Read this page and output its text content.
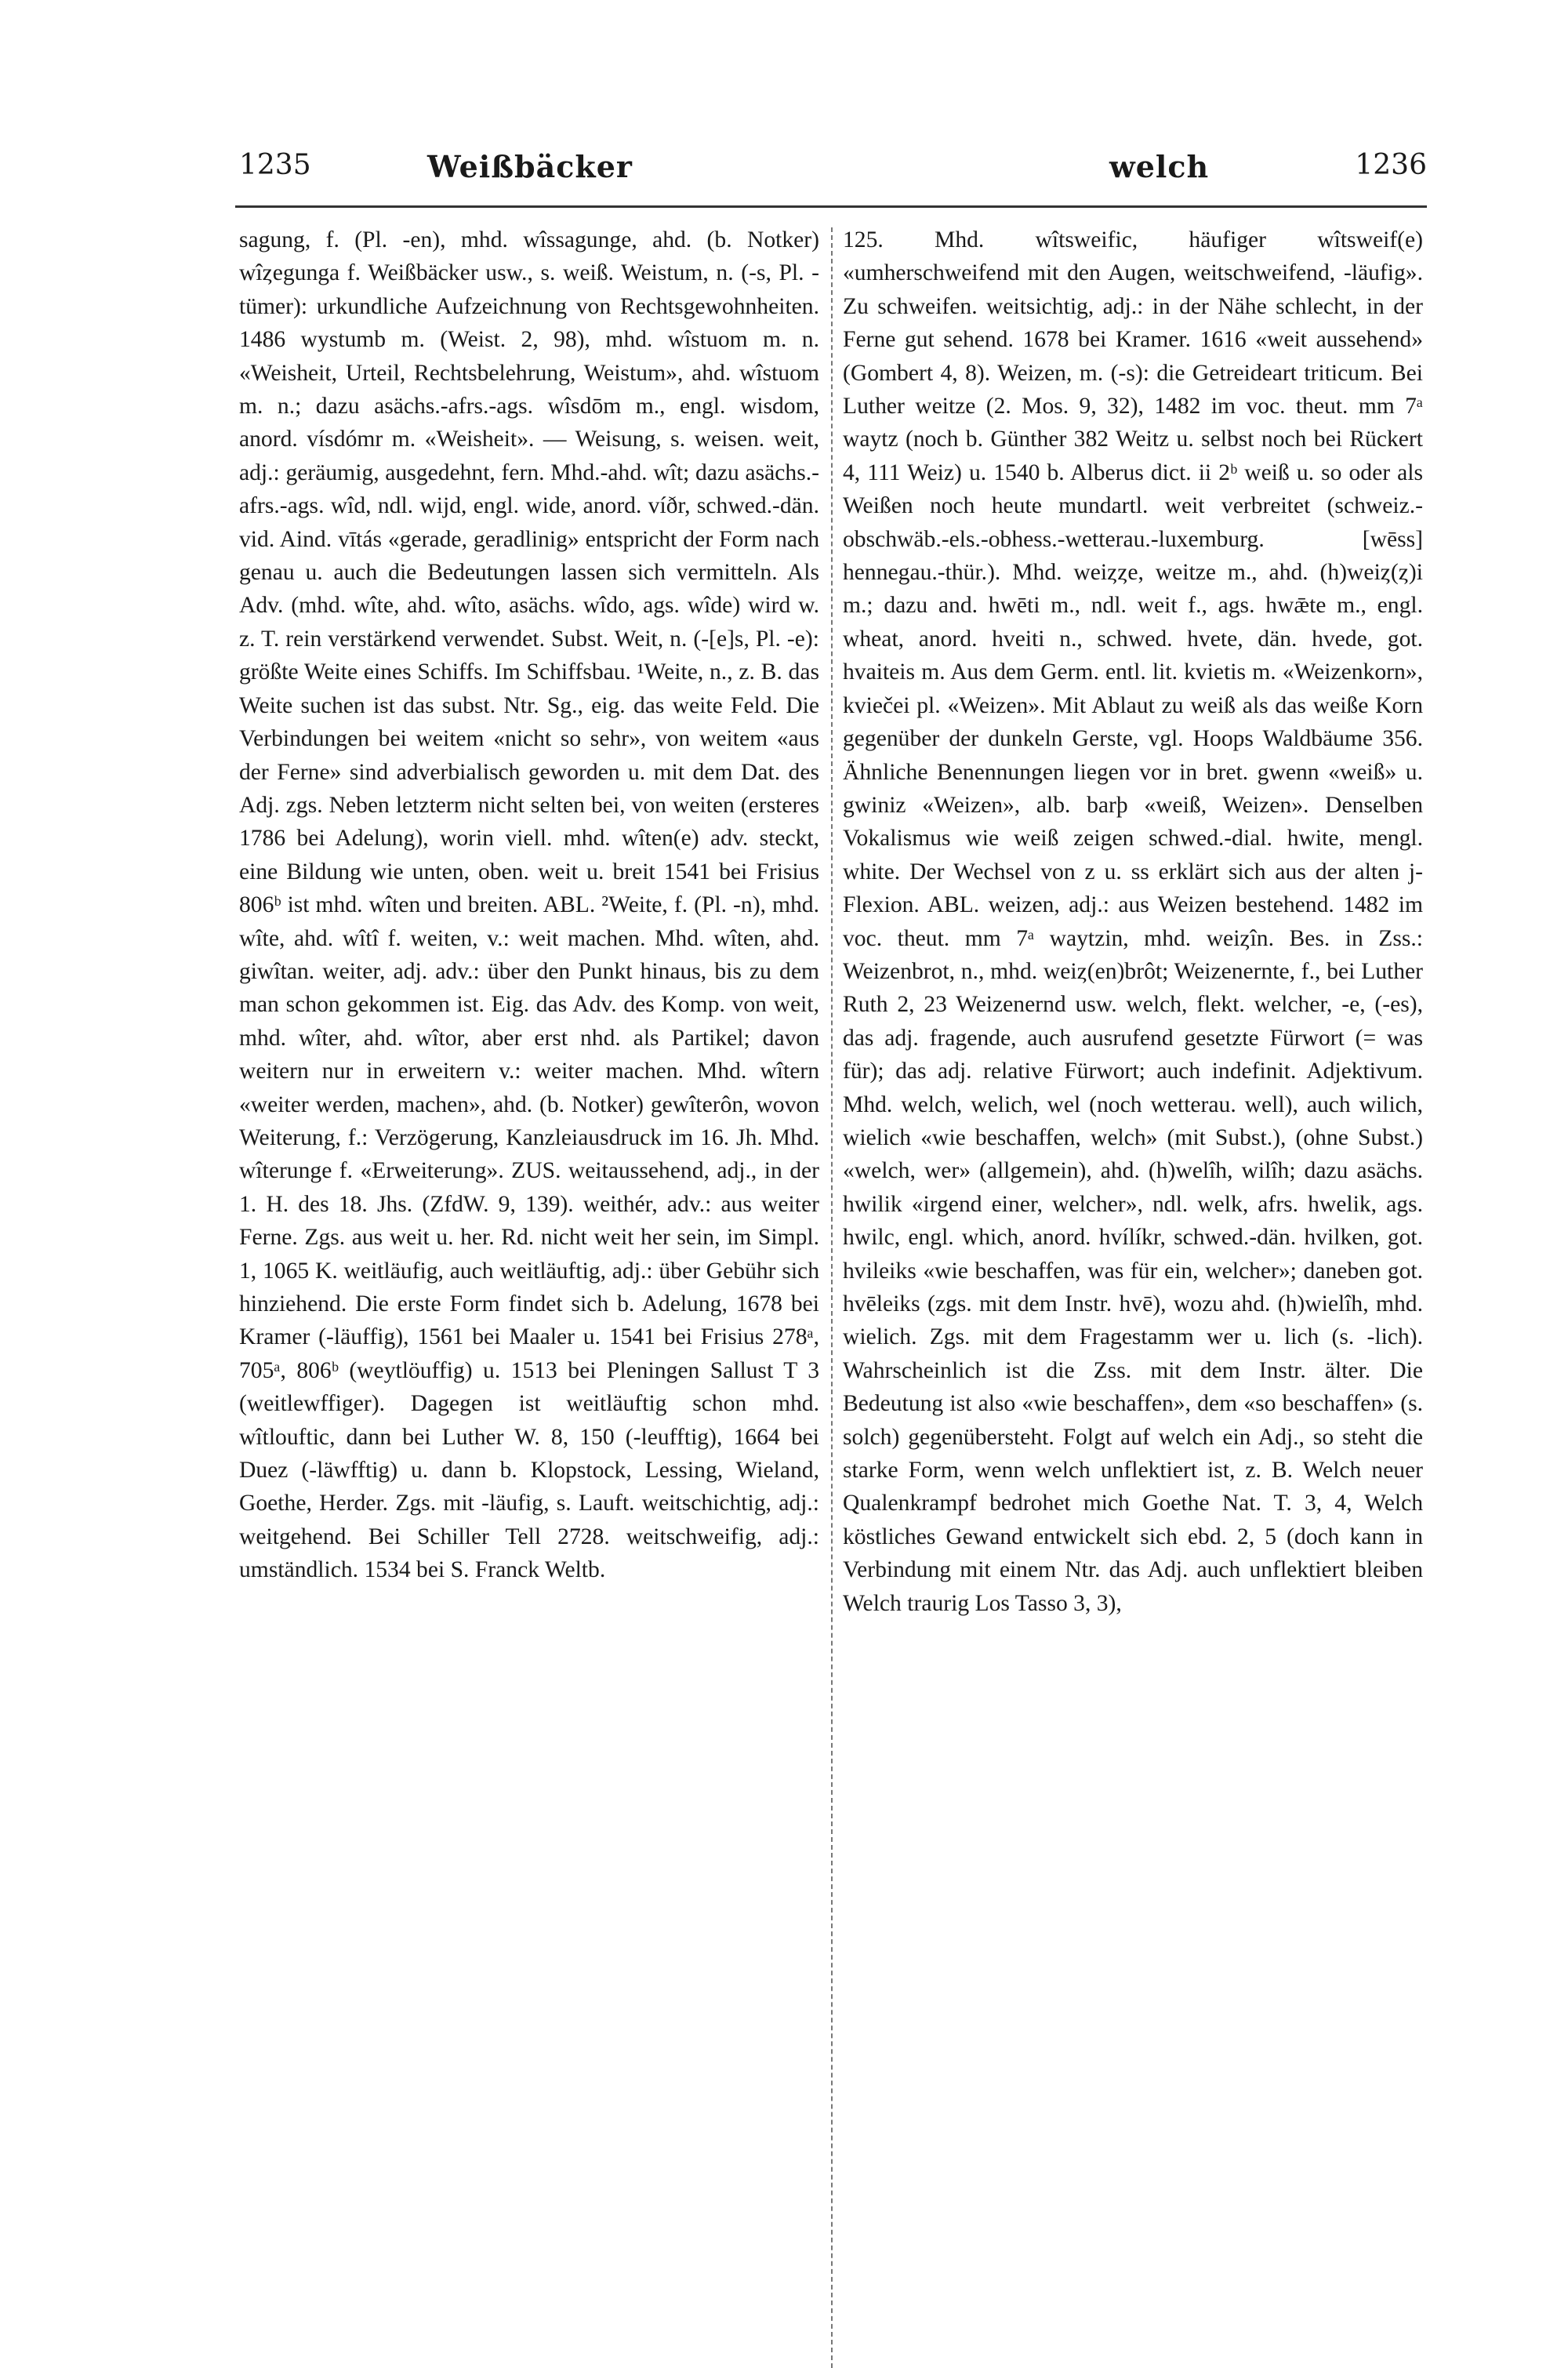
1235	Weißbäcker	welch	1236

sagung, f. (Pl. -en), mhd. wîssagunge, ahd. (b. Notker) wîȥegunga f. Weißbäcker usw., s. weiß. Weistum, n. (-s, Pl. -tümer): urkundliche Aufzeichnung von Rechtsgewohnheiten. 1486 wystumb m. (Weist. 2, 98), mhd. wîstuom m. n. «Weisheit, Urteil, Rechtsbelehrung, Weistum», ahd. wîstuom m. n.; dazu asächs.-afrs.-ags. wîsdōm m., engl. wisdom, anord. vísdómr m. «Weisheit». — Weisung, s. weisen. weit, adj.: geräumig, ausgedehnt, fern. Mhd.-ahd. wît; dazu asächs.-afrs.-ags. wîd, ndl. wijd, engl. wide, anord. víðr, schwed.-dän. vid. Aind. vītás «gerade, geradlinig» entspricht der Form nach genau u. auch die Bedeutungen lassen sich vermitteln. Als Adv. (mhd. wîte, ahd. wîto, asächs. wîdo, ags. wîde) wird w. z. T. rein verstärkend verwendet. Subst. Weit, n. (-[e]s, Pl. -e): größte Weite eines Schiffs. Im Schiffsbau. ¹Weite, n., z. B. das Weite suchen ist das subst. Ntr. Sg., eig. das weite Feld. Die Verbindungen bei weitem «nicht so sehr», von weitem «aus der Ferne» sind adverbialisch geworden u. mit dem Dat. des Adj. zgs. Neben letzterm nicht selten bei, von weiten (ersteres 1786 bei Adelung), worin viell. mhd. wîten(e) adv. steckt, eine Bildung wie unten, oben. weit u. breit 1541 bei Frisius 806ᵇ ist mhd. wîten und breiten. ABL. ²Weite, f. (Pl. -n), mhd. wîte, ahd. wîtî f. weiten, v.: weit machen. Mhd. wîten, ahd. giwîtan. weiter, adj. adv.: über den Punkt hinaus, bis zu dem man schon gekommen ist. Eig. das Adv. des Komp. von weit, mhd. wîter, ahd. wîtor, aber erst nhd. als Partikel; davon weitern nur in erweitern v.: weiter machen. Mhd. wîtern «weiter werden, machen», ahd. (b. Notker) gewîterôn, wovon Weiterung, f.: Verzögerung, Kanzleiausdruck im 16. Jh. Mhd. wîterunge f. «Erweiterung». ZUS. weitaussehend, adj., in der 1. H. des 18. Jhs. (ZfdW. 9, 139). weithér, adv.: aus weiter Ferne. Zgs. aus weit u. her. Rd. nicht weit her sein, im Simpl. 1, 1065 K. weitläufig, auch weitläuftig, adj.: über Gebühr sich hinziehend. Die erste Form findet sich b. Adelung, 1678 bei Kramer (-läuffig), 1561 bei Maaler u. 1541 bei Frisius 278ᵃ, 705ᵃ, 806ᵇ (weytlöuffig) u. 1513 bei Pleningen Sallust T 3 (weitlewffiger). Dagegen ist weitläuftig schon mhd. wîtlouftic, dann bei Luther W. 8, 150 (-leufftig), 1664 bei Duez (-läwfftig) u. dann b. Klopstock, Lessing, Wieland, Goethe, Herder. Zgs. mit -läufig, s. Lauft. weitschichtig, adj.: weitgehend. Bei Schiller Tell 2728. weitschweifig, adj.: umständlich. 1534 bei S. Franck Weltb.

125. Mhd. wîtsweific, häufiger wîtsweif(e) «umherschweifend mit den Augen, weitschweifend, -läufig». Zu schweifen. weitsichtig, adj.: in der Nähe schlecht, in der Ferne gut sehend. 1678 bei Kramer. 1616 «weit aussehend» (Gombert 4, 8). Weizen, m. (-s): die Getreideart triticum. Bei Luther weitze (2. Mos. 9, 32), 1482 im voc. theut. mm 7ᵃ waytz (noch b. Günther 382 Weitz u. selbst noch bei Rückert 4, 111 Weiz) u. 1540 b. Alberus dict. ii 2ᵇ weiß u. so oder als Weißen noch heute mundartl. weit verbreitet (schweiz.-obschwäb.-els.-obhess.-wetterau.-luxemburg. [wēss] hennegau.-thür.). Mhd. weiȥȥe, weitze m., ahd. (h)weiȥ(ȥ)i m.; dazu and. hwēti m., ndl. weit f., ags. hwǣte m., engl. wheat, anord. hveiti n., schwed. hvete, dän. hvede, got. hvaiteis m. Aus dem Germ. entl. lit. kvietis m. «Weizenkorn», kviečei pl. «Weizen». Mit Ablaut zu weiß als das weiße Korn gegenüber der dunkeln Gerste, vgl. Hoops Waldbäume 356. Ähnliche Benennungen liegen vor in bret. gwenn «weiß» u. gwiniz «Weizen», alb. barþ «weiß, Weizen». Denselben Vokalismus wie weiß zeigen schwed.-dial. hwite, mengl. white. Der Wechsel von z u. ss erklärt sich aus der alten j-Flexion. ABL. weizen, adj.: aus Weizen bestehend. 1482 im voc. theut. mm 7ᵃ waytzin, mhd. weiȥîn. Bes. in Zss.: Weizenbrot, n., mhd. weiȥ(en)brôt; Weizenernte, f., bei Luther Ruth 2, 23 Weizenernd usw. welch, flekt. welcher, -e, (-es), das adj. fragende, auch ausrufend gesetzte Fürwort (= was für); das adj. relative Fürwort; auch indefinit. Adjektivum. Mhd. welch, welich, wel (noch wetterau. well), auch wilich, wielich «wie beschaffen, welch» (mit Subst.), (ohne Subst.) «welch, wer» (allgemein), ahd. (h)welîh, wilîh; dazu asächs. hwilik «irgend einer, welcher», ndl. welk, afrs. hwelik, ags. hwilc, engl. which, anord. hvílíkr, schwed.-dän. hvilken, got. hvileiks «wie beschaffen, was für ein, welcher»; daneben got. hvēleiks (zgs. mit dem Instr. hvē), wozu ahd. (h)wielîh, mhd. wielich. Zgs. mit dem Fragestamm wer u. lich (s. -lich). Wahrscheinlich ist die Zss. mit dem Instr. älter. Die Bedeutung ist also «wie beschaffen», dem «so beschaffen» (s. solch) gegenübersteht. Folgt auf welch ein Adj., so steht die starke Form, wenn welch unflektiert ist, z. B. Welch neuer Qualenkrampf bedrohet mich Goethe Nat. T. 3, 4, Welch köstliches Gewand entwickelt sich ebd. 2, 5 (doch kann in Verbindung mit einem Ntr. das Adj. auch unflektiert bleiben Welch traurig Los Tasso 3, 3),
